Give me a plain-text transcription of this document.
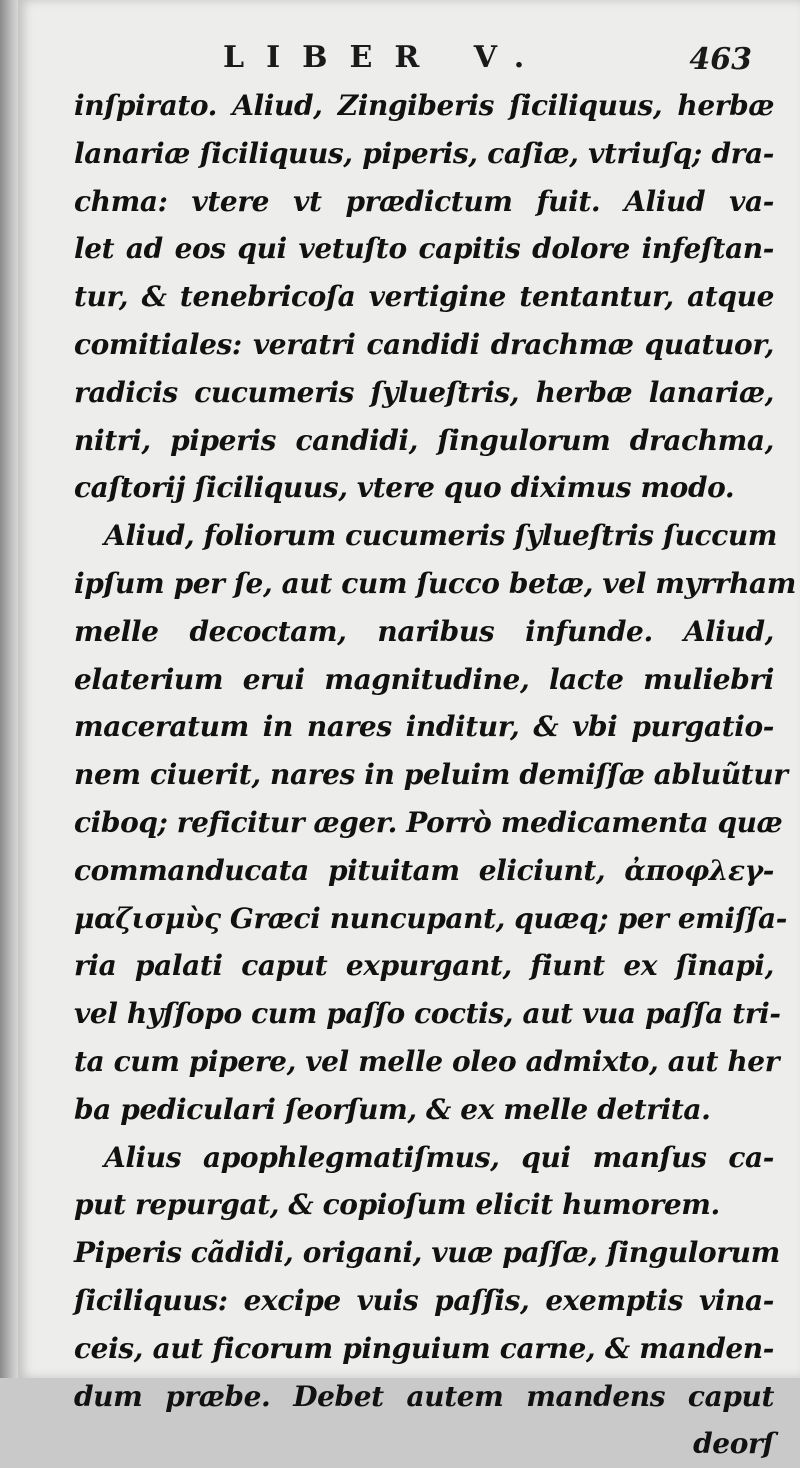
LIBER V.	463
inſpirato. Aliud, Zingiberis ſiciliquus, herbæ
lanariæ ſiciliquus, piperis, caſiæ, vtriuſq; dra-
chma: vtere vt prædictum fuit. Aliud va-
let ad eos qui vetuſto capitis dolore infeſtan-
tur, & tenebricoſa vertigine tentantur, atque
comitiales: veratri candidi drachmæ quatuor,
radicis cucumeris ſylueſtris, herbæ lanariæ,
nitri, piperis candidi, ſingulorum drachma,
caſtorij ſiciliquus, vtere quo diximus modo.
Aliud, foliorum cucumeris ſylueſtris ſuccum
ipſum per ſe, aut cum ſucco betæ, vel myrrham
melle decoctam, naribus infunde. Aliud,
elaterium erui magnitudine, lacte muliebri
maceratum in nares inditur, & vbi purgatio-
nem ciuerit, nares in peluim demiſſæ abluũtur
ciboq; reficitur æger. Porrò medicamenta quæ
commanducata pituitam eliciunt, ἀποφλεγ-
μαζισμὺς Græci nuncupant, quæq; per emiſſa-
ria palati caput expurgant, fiunt ex ſinapi,
vel hyſſopo cum paſſo coctis, aut vua paſſa tri-
ta cum pipere, vel melle oleo admixto, aut her
ba pediculari ſeorſum, & ex melle detrita.
Alius apophlegmatiſmus, qui manſus ca-
put repurgat, & copioſum elicit humorem.
Piperis cãdidi, origani, vuæ paſſæ, ſingulorum
ſiciliquus: excipe vuis paſſis, exemptis vina-
ceis, aut ficorum pinguium carne, & manden-
dum præbe. Debet autem mandens caput
deorſ
